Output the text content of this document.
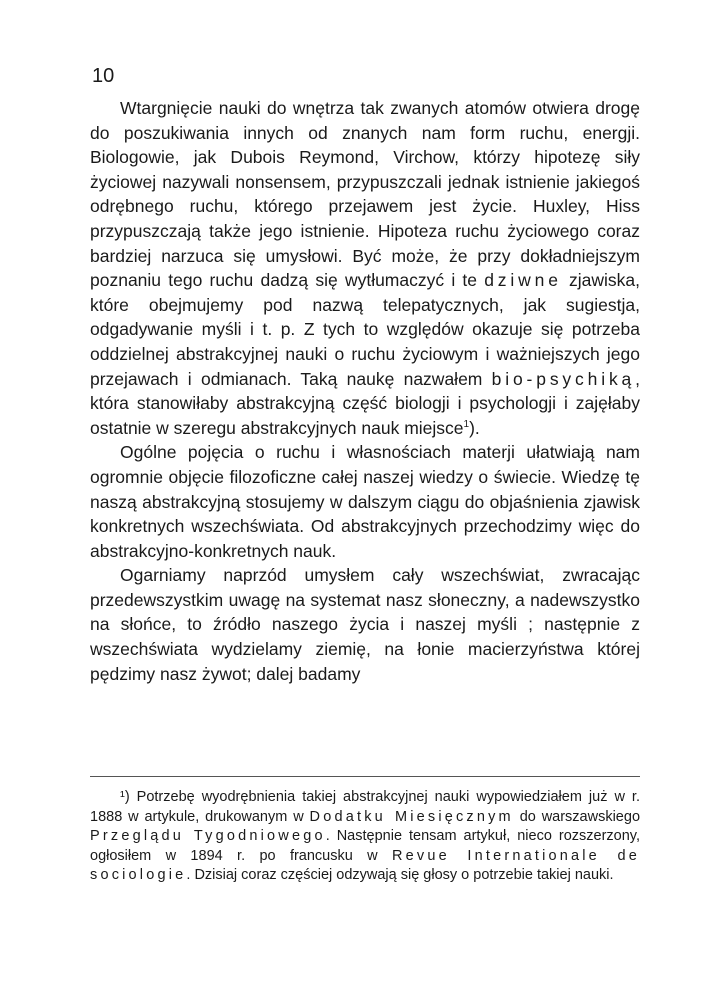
10

Wtargnięcie nauki do wnętrza tak zwanych atomów otwiera drogę do poszukiwania innych od znanych nam form ruchu, energji. Biologowie, jak Dubois Reymond, Virchow, którzy hipotezę siły życiowej nazywali nonsensem, przypuszczali jednak istnienie jakiegoś odrębnego ruchu, którego przejawem jest życie. Huxley, Hiss przypuszczają także jego istnienie. Hipoteza ruchu życiowego coraz bardziej narzuca się umysłowi. Być może, że przy dokładniejszym poznaniu tego ruchu dadzą się wytłumaczyć i te dziwne zjawiska, które obejmujemy pod nazwą telepatycznych, jak sugiestja, odgadywanie myśli i t. p. Z tych to względów okazuje się potrzeba oddzielnej abstrakcyjnej nauki o ruchu życiowym i ważniejszych jego przejawach i odmianach. Taką naukę nazwałem bio-psychiką, która stanowiłaby abstrakcyjną część biologji i psychologji i zajęłaby ostatnie w szeregu abstrakcyjnych nauk miejsce$^1$).

Ogólne pojęcia o ruchu i własnościach materji ułatwiają nam ogromnie objęcie filozoficzne całej naszej wiedzy o świecie. Wiedzę tę naszą abstrakcyjną stosujemy w dalszym ciągu do objaśnienia zjawisk konkretnych wszechświata. Od abstrakcyjnych przechodzimy więc do abstrakcyjno-konkretnych nauk.

Ogarniamy naprzód umysłem cały wszechświat, zwracając przedewszystkim uwagę na systemat nasz słoneczny, a nadewszystko na słońce, to źródło naszego życia i naszej myśli ; następnie z wszechświata wydzielamy ziemię, na łonie macierzyństwa której pędzimy nasz żywot; dalej badamy

¹) Potrzebę wyodrębnienia takiej abstrakcyjnej nauki wypowiedziałem już w r. 1888 w artykule, drukowanym w Dodatku Miesięcznym do warszawskiego Przeglądu Tygodniowego. Następnie tensam artykuł, nieco rozszerzony, ogłosiłem w 1894 r. po francusku w Revue Internationale de sociologie. Dzisiaj coraz częściej odzywają się głosy o potrzebie takiej nauki.
